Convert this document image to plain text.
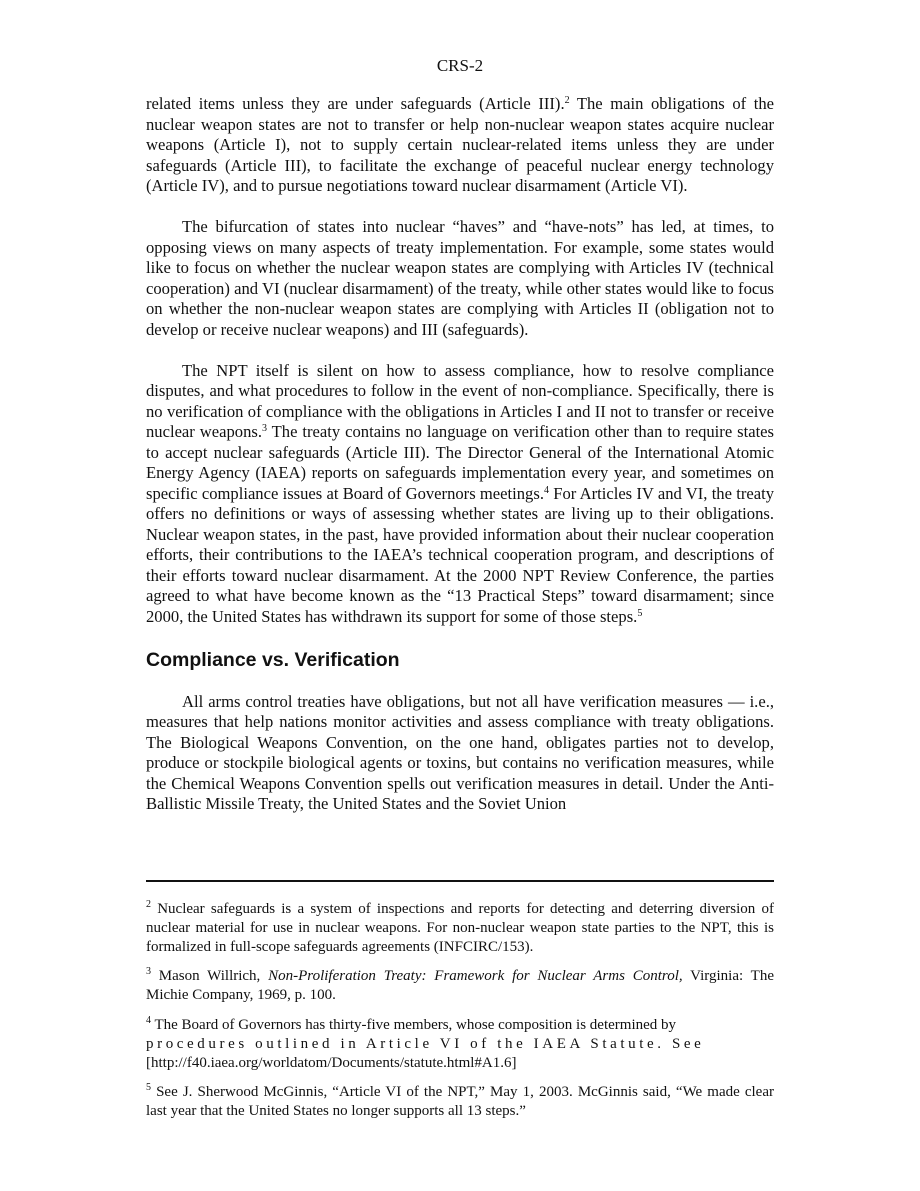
CRS-2

related items unless they are under safeguards (Article III).$^2$ The main obligations of the nuclear weapon states are not to transfer or help non-nuclear weapon states acquire nuclear weapons (Article I), not to supply certain nuclear-related items unless they are under safeguards (Article III), to facilitate the exchange of peaceful nuclear energy technology (Article IV), and to pursue negotiations toward nuclear disarmament (Article VI).

The bifurcation of states into nuclear “haves” and “have-nots” has led, at times, to opposing views on many aspects of treaty implementation. For example, some states would like to focus on whether the nuclear weapon states are complying with Articles IV (technical cooperation) and VI (nuclear disarmament) of the treaty, while other states would like to focus on whether the non-nuclear weapon states are complying with Articles II (obligation not to develop or receive nuclear weapons) and III (safeguards).

The NPT itself is silent on how to assess compliance, how to resolve compliance disputes, and what procedures to follow in the event of non-compliance. Specifically, there is no verification of compliance with the obligations in Articles I and II not to transfer or receive nuclear weapons.$^3$ The treaty contains no language on verification other than to require states to accept nuclear safeguards (Article III). The Director General of the International Atomic Energy Agency (IAEA) reports on safeguards implementation every year, and sometimes on specific compliance issues at Board of Governors meetings.$^4$ For Articles IV and VI, the treaty offers no definitions or ways of assessing whether states are living up to their obligations. Nuclear weapon states, in the past, have provided information about their nuclear cooperation efforts, their contributions to the IAEA’s technical cooperation program, and descriptions of their efforts toward nuclear disarmament. At the 2000 NPT Review Conference, the parties agreed to what have become known as the “13 Practical Steps” toward disarmament; since 2000, the United States has withdrawn its support for some of those steps.$^5$

Compliance vs. Verification

All arms control treaties have obligations, but not all have verification measures — i.e., measures that help nations monitor activities and assess compliance with treaty obligations. The Biological Weapons Convention, on the one hand, obligates parties not to develop, produce or stockpile biological agents or toxins, but contains no verification measures, while the Chemical Weapons Convention spells out verification measures in detail. Under the Anti-Ballistic Missile Treaty, the United States and the Soviet Union

$^2$ Nuclear safeguards is a system of inspections and reports for detecting and deterring diversion of nuclear material for use in nuclear weapons. For non-nuclear weapon state parties to the NPT, this is formalized in full-scope safeguards agreements (INFCIRC/153).
$^3$ Mason Willrich, Non-Proliferation Treaty: Framework for Nuclear Arms Control, Virginia: The Michie Company, 1969, p. 100.
$^4$ The Board of Governors has thirty-five members, whose composition is determined by
procedures outlined in Article VI of the IAEA Statute. See
[http://f40.iaea.org/worldatom/Documents/statute.html#A1.6]
$^5$ See J. Sherwood McGinnis, “Article VI of the NPT,” May 1, 2003. McGinnis said, “We made clear last year that the United States no longer supports all 13 steps.”
